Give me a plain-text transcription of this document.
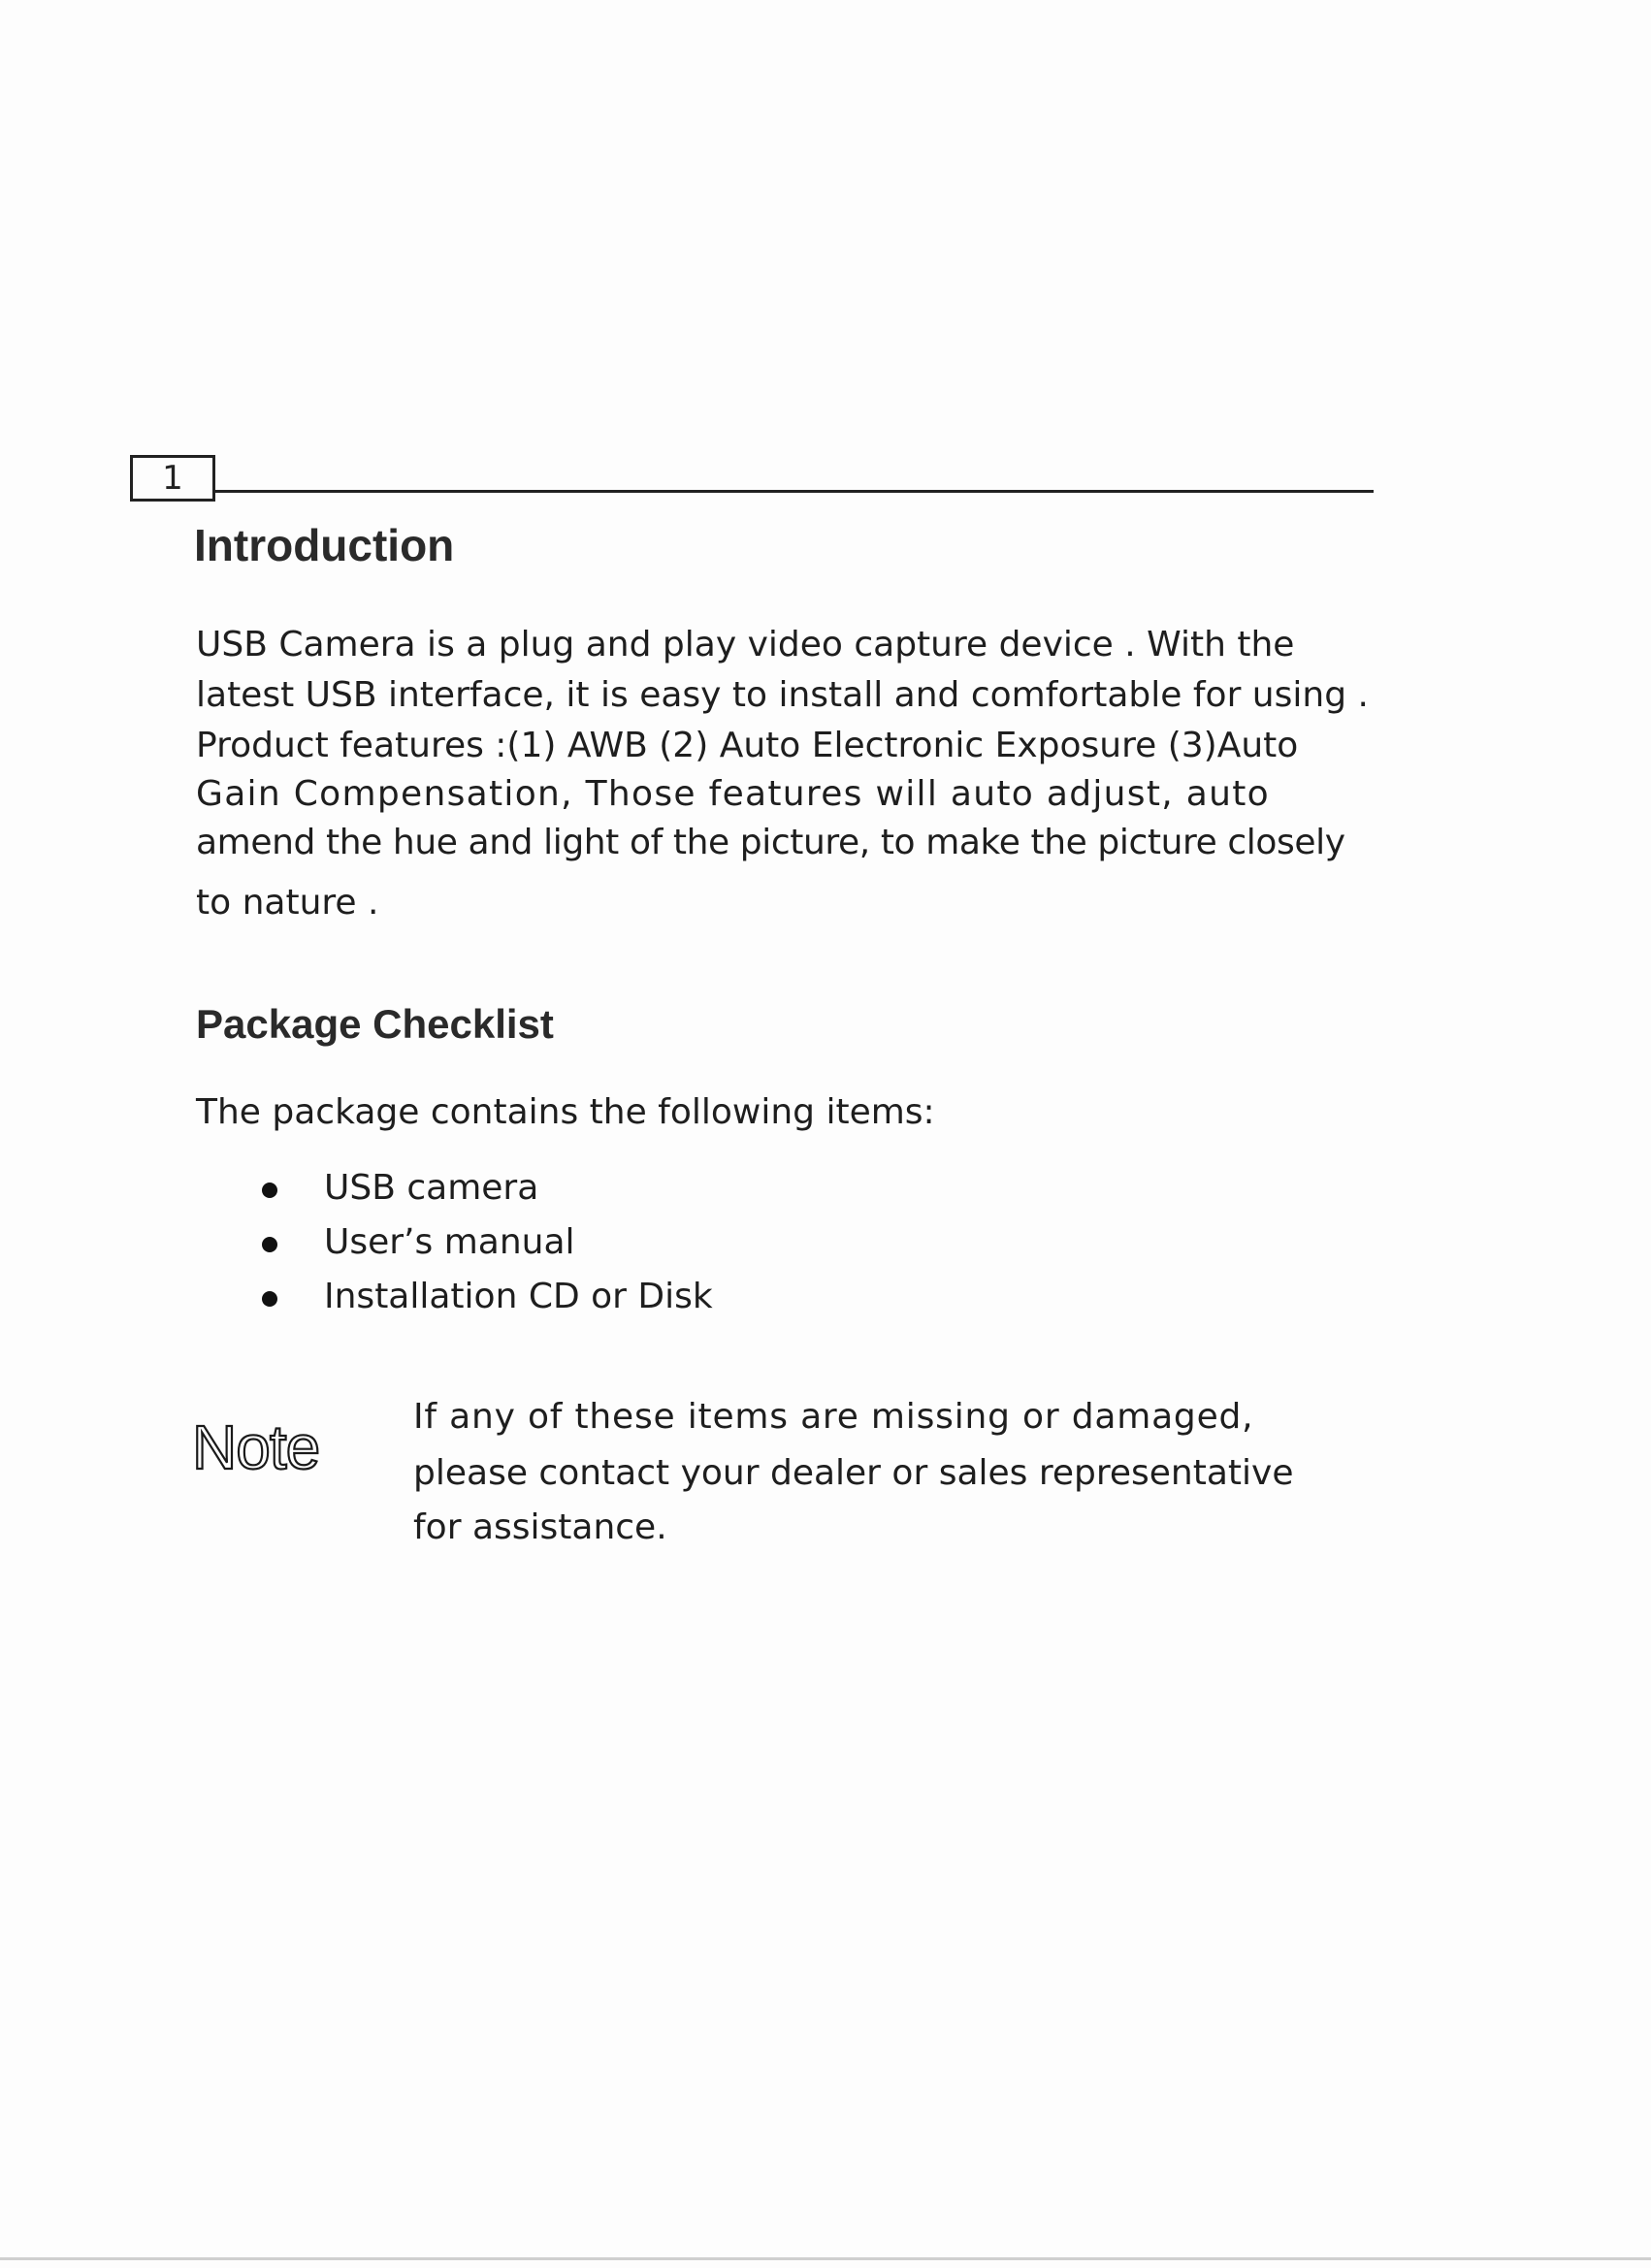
1
Introduction
USB Camera is a plug and play video capture device . With the
latest USB interface, it is easy to install and comfortable for using .
Product features :(1) AWB (2) Auto Electronic Exposure (3)Auto
Gain Compensation, Those features will auto adjust, auto
amend the hue and light of the picture, to make the picture closely
to nature .
Package Checklist

The package contains the following items:

USB camera
User’s manual
Installation CD or Disk
Note	If any of these items are missing or damaged,
please contact your dealer or sales representative
for assistance.
